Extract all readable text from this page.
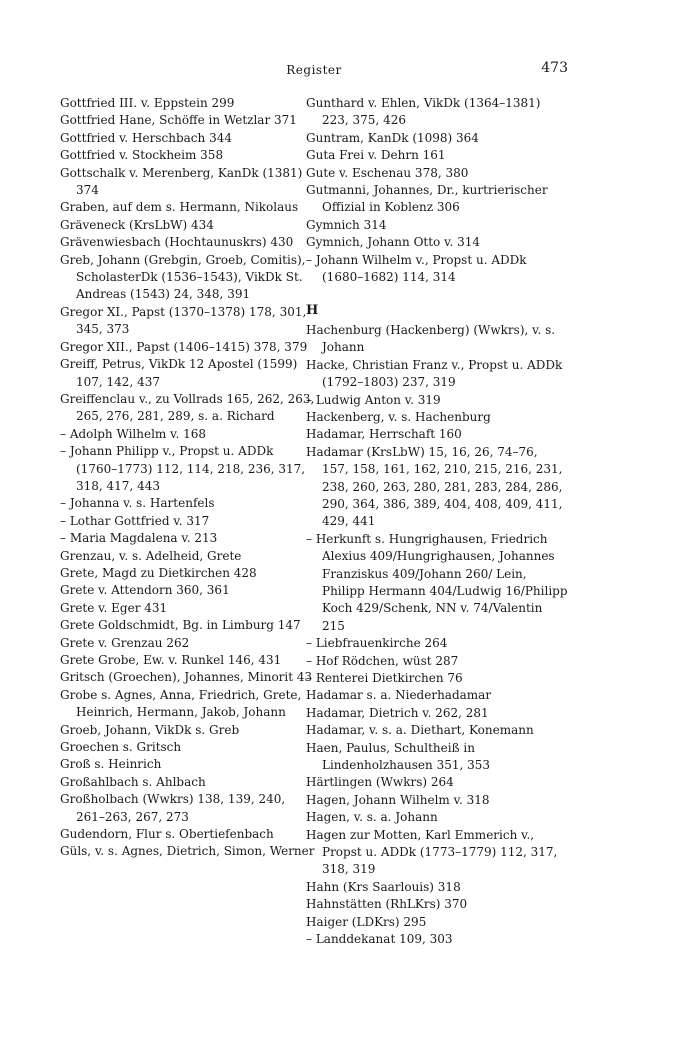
Register	473

Gottfried III. v. Eppstein 299

Gottfried Hane, Schöffe in Wetzlar 371

Gottfried v. Herschbach 344

Gottfried v. Stockheim 358

Gottschalk v. Merenberg, KanDk (1381) 374

Graben, auf dem s. Hermann, Nikolaus

Gräveneck (KrsLbW) 434

Grävenwiesbach (Hochtaunuskrs) 430

Greb, Johann (Grebgin, Groeb, Comitis), ScholasterDk (1536–1543), VikDk St. Andreas (1543) 24, 348, 391

Gregor XI., Papst (1370–1378) 178, 301, 345, 373

Gregor XII., Papst (1406–1415) 378, 379

Greiff, Petrus, VikDk 12 Apostel (1599) 107, 142, 437

Greiffenclau v., zu Vollrads 165, 262, 263, 265, 276, 281, 289, s. a. Richard

– Adolph Wilhelm v. 168

– Johann Philipp v., Propst u. ADDk (1760–1773) 112, 114, 218, 236, 317, 318, 417, 443

– Johanna v. s. Hartenfels

– Lothar Gottfried v. 317

– Maria Magdalena v. 213

Grenzau, v. s. Adelheid, Grete

Grete, Magd zu Dietkirchen 428

Grete v. Attendorn 360, 361

Grete v. Eger 431

Grete Goldschmidt, Bg. in Limburg 147

Grete v. Grenzau 262

Grete Grobe, Ew. v. Runkel 146, 431

Gritsch (Groechen), Johannes, Minorit 43

Grobe s. Agnes, Anna, Friedrich, Grete, Heinrich, Hermann, Jakob, Johann

Groeb, Johann, VikDk s. Greb

Groechen s. Gritsch

Groß s. Heinrich

Großahlbach s. Ahlbach

Großholbach (Wwkrs) 138, 139, 240, 261–263, 267, 273

Gudendorn, Flur s. Obertiefenbach

Güls, v. s. Agnes, Dietrich, Simon, Werner

Gunthard v. Ehlen, VikDk (1364–1381) 223, 375, 426

Guntram, KanDk (1098) 364

Guta Frei v. Dehrn 161

Gute v. Eschenau 378, 380

Gutmanni, Johannes, Dr., kurtrierischer Offizial in Koblenz 306

Gymnich 314

Gymnich, Johann Otto v. 314

– Johann Wilhelm v., Propst u. ADDk (1680–1682) 114, 314

H

Hachenburg (Hackenberg) (Wwkrs), v. s. Johann

Hacke, Christian Franz v., Propst u. ADDk (1792–1803) 237, 319

– Ludwig Anton v. 319

Hackenberg, v. s. Hachenburg

Hadamar, Herrschaft 160

Hadamar (KrsLbW) 15, 16, 26, 74–76, 157, 158, 161, 162, 210, 215, 216, 231, 238, 260, 263, 280, 281, 283, 284, 286, 290, 364, 386, 389, 404, 408, 409, 411, 429, 441

– Herkunft s. Hungrighausen, Friedrich Alexius 409/Hungrighausen, Johannes Franziskus 409/Johann 260/ Lein, Philipp Hermann 404/Ludwig 16/Philipp Koch 429/Schenk, NN v. 74/Valentin 215

– Liebfrauenkirche 264

– Hof Rödchen, wüst 287

– Renterei Dietkirchen 76

Hadamar s. a. Niederhadamar

Hadamar, Dietrich v. 262, 281

Hadamar, v. s. a. Diethart, Konemann

Haen, Paulus, Schultheiß in Lindenholzhausen 351, 353

Härtlingen (Wwkrs) 264

Hagen, Johann Wilhelm v. 318

Hagen, v. s. a. Johann

Hagen zur Motten, Karl Emmerich v., Propst u. ADDk (1773–1779) 112, 317, 318, 319

Hahn (Krs Saarlouis) 318

Hahnstätten (RhLKrs) 370

Haiger (LDKrs) 295

– Landdekanat 109, 303
